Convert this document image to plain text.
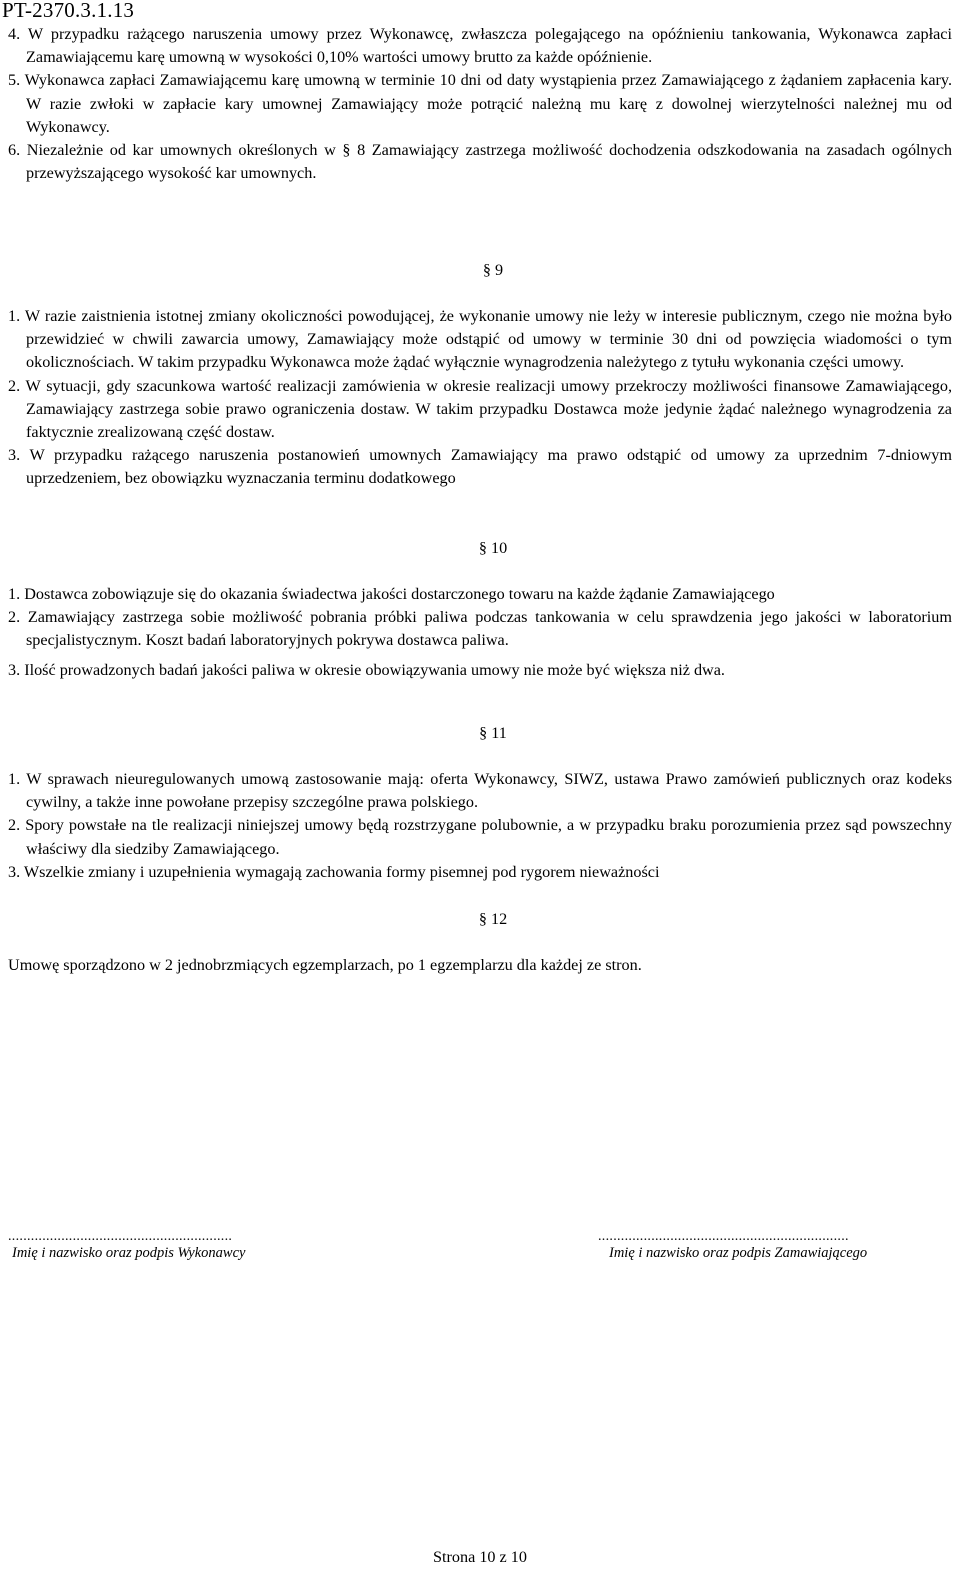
PT-2370.3.1.13
4. W przypadku rażącego naruszenia umowy przez Wykonawcę, zwłaszcza polegającego na opóźnieniu tankowania, Wykonawca zapłaci Zamawiającemu karę umowną w wysokości 0,10% wartości umowy brutto za każde opóźnienie.
5. Wykonawca zapłaci Zamawiającemu karę umowną w terminie 10 dni od daty wystąpienia przez Zamawiającego z żądaniem zapłacenia kary. W razie zwłoki w zapłacie kary umownej Zamawiający może potrącić należną mu karę z dowolnej wierzytelności należnej mu od Wykonawcy.
6. Niezależnie od kar umownych określonych w § 8 Zamawiający zastrzega możliwość dochodzenia odszkodowania na zasadach ogólnych przewyższającego wysokość kar umownych.
§ 9
1. W razie zaistnienia istotnej zmiany okoliczności powodującej, że wykonanie umowy nie leży w interesie publicznym, czego nie można było przewidzieć w chwili zawarcia umowy, Zamawiający może odstąpić od umowy w terminie 30 dni od powzięcia wiadomości o tym okolicznościach. W takim przypadku Wykonawca może żądać wyłącznie wynagrodzenia należytego z tytułu wykonania części umowy.
2. W sytuacji, gdy szacunkowa wartość realizacji zamówienia w okresie realizacji umowy przekroczy możliwości finansowe Zamawiającego, Zamawiający zastrzega sobie prawo ograniczenia dostaw. W takim przypadku Dostawca może jedynie żądać należnego wynagrodzenia za faktycznie zrealizowaną część dostaw.
3. W przypadku rażącego naruszenia postanowień umownych Zamawiający ma prawo odstąpić od umowy za uprzednim 7-dniowym uprzedzeniem, bez obowiązku wyznaczania terminu dodatkowego
§ 10
1. Dostawca zobowiązuje się do okazania świadectwa jakości dostarczonego towaru na każde żądanie Zamawiającego
2. Zamawiający zastrzega sobie możliwość pobrania próbki paliwa podczas tankowania w celu sprawdzenia jego jakości w laboratorium specjalistycznym. Koszt badań laboratoryjnych pokrywa dostawca paliwa.
3. Ilość prowadzonych badań jakości paliwa w okresie obowiązywania umowy nie może być większa niż dwa.
§ 11
1. W sprawach nieuregulowanych umową zastosowanie mają: oferta Wykonawcy, SIWZ, ustawa Prawo zamówień publicznych oraz kodeks cywilny, a także inne powołane przepisy szczególne prawa polskiego.
2. Spory powstałe na tle realizacji niniejszej umowy będą rozstrzygane polubownie, a w przypadku braku porozumienia przez sąd powszechny właściwy dla siedziby Zamawiającego.
3. Wszelkie zmiany i uzupełnienia wymagają zachowania formy pisemnej pod rygorem nieważności
§ 12
Umowę sporządzono w 2 jednobrzmiących egzemplarzach, po 1 egzemplarzu dla każdej ze stron.
...........................................................
Imię i nazwisko oraz podpis Wykonawcy
..................................................................
Imię i nazwisko oraz podpis Zamawiającego
Strona 10 z 10
